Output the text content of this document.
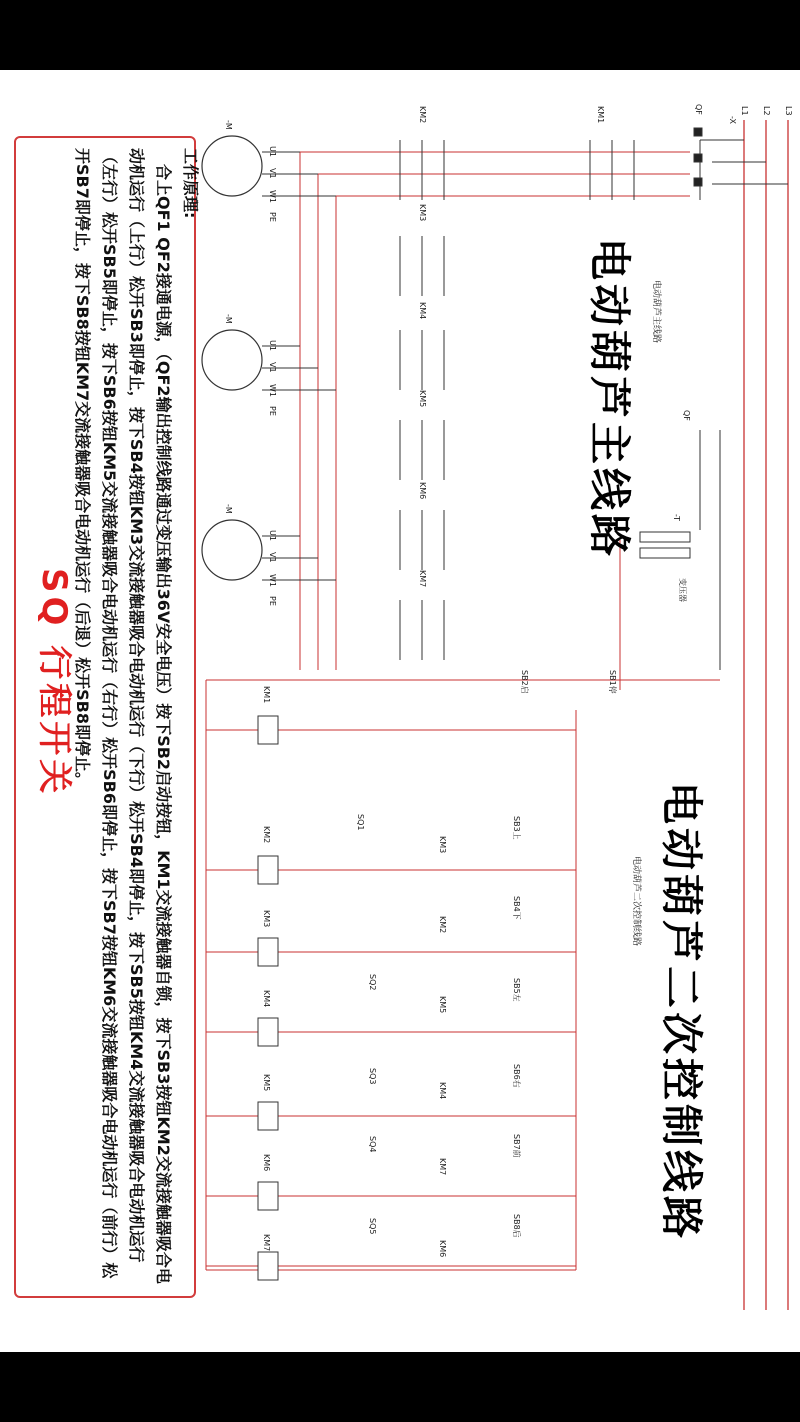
电动葫芦主线路 电动葫芦主线路
电动葫芦二次控制线路
电动葫芦二次控制线路
L1 L2 L3
-X
QF
QF
-T
变压器
-M
-M
-M
U1
V1
W1
PE
U1
V1
W1
PE
U1
V1
W1
PE
KM1
KM2
KM3
KM4
KM5
KM6
KM7
SB2启	SB1停
KM1
KM2	SB3上
SQ1
KM3
KM3	SB4下
KM2
KM4	SB5左
SQ2
KM5
KM5	SB6右
SQ3
KM4
KM6
SB7前
SQ4
KM7
KM7
SB8后
SQ5
KM6
工作原理:
　合上QF1 QF2接通电源，（QF2输出控制线路通过变压输出36V安全电压）按下SB2启动按钮，KM1交流接触器自锁，按下SB3按钮KM2交流接触器吸合电动机运行（上行）松开SB3即停止，按下SB4按钮KM3交流接触器吸合电动机运行（下行）松开SB4即停止，按下SB5按钮KM4交流接触器吸合电动机运行（左行）松开SB5即停止，按下SB6按钮KM5交流接触器吸合电动机运行（右行）松开SB6即停止，按下SB7按钮KM6交流接触器吸合电动机运行（前行）松开SB7即停止，按下SB8按钮KM7交流接触器吸合电动机运行（后退）松开SB8即停止。
SQ 行程开关
